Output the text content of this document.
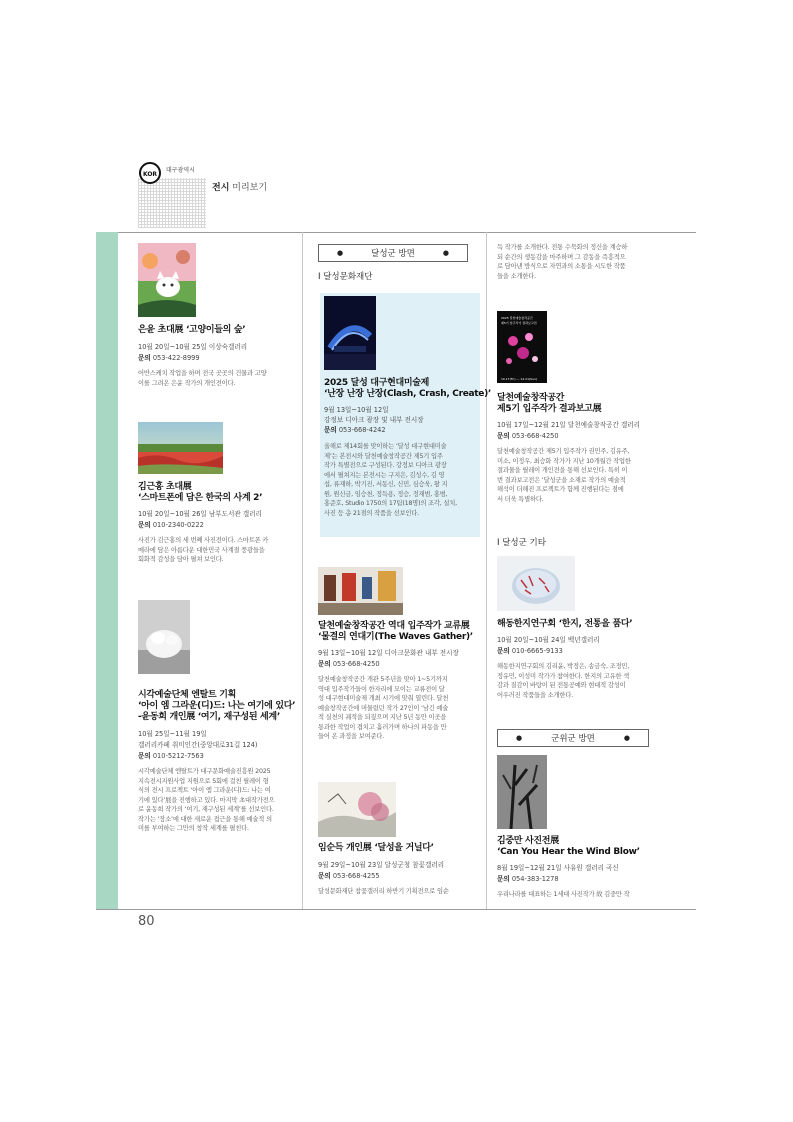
KOR
대구광역시
전시 미리보기
80
은윤 초대展 ‘고양이들의 숲’
10월 20일~10월 25일 이상숙갤러리
문의 053-422-8999
어반스케치 작업을 하며 전국 곳곳의 건물과 고양
이를 그려온 은윤 작가의 개인전이다.
김근홍 초대展
‘스마트폰에 담은 한국의 사계 2’
10월 20일~10월 26일 남부도서관 갤러리
문의 010-2340-0222
사진가 김근홍의 세 번째 사진전이다. 스마트폰 카
메라에 담은 아름다운 대한민국 사계절 풍광들을
회화적 감성을 담아 펼쳐 보인다.
시각예술단체 엔탈트 기획
‘아이 엠 그라운(디)드: 나는 여기에 있다’
-윤동희 개인展 ‘여기, 재구성된 세계’
10월 25일~11월 19일
갤러리카페 취미인간(중앙대로31길 124)
문의 010-5212-7563
시각예술단체 엔탈트가 대구문화예술진흥원 2025
지속전시지원사업 지원으로 5회에 걸친 릴레이 형
식의 전시 프로젝트 ‘아이 엠 그라운(디)드: 나는 여
기에 있다’展을 진행하고 있다. 마지막 초대작가전으
로 윤동희 작가의 ‘여기, 재구성된 세계’를 선보인다.
작가는 ‘장소’에 대한 새로운 접근을 통해 예술적 의
미를 부여하는 그만의 창작 세계를 펼친다.
●	달성군 방면	●
I 달성문화재단
2025 달성 대구현대미술제
‘난장 난장 난장(Clash, Crash, Create)’
9월 13일~10월 12일
강정보 디아크 광장 및 내부 전시장
문의 053-668-4242
올해로 제14회를 맞이하는 ‘달성 대구현대미술
제’는 본전시와 달천예술창작공간 제5기 입주
작가 특별전으로 구성된다. 강정보 디아크 광장
에서 펼쳐지는 본전시는 구지은, 김성수, 김 영
섭, 류재하, 박기진, 서동신, 신민, 심승욱, 왕 지
원, 원신금, 임승천, 정득용, 정승, 정재범, 홍범,
홍준호, Studio 1750의 17팀(18명)의 조각, 설치,
사진 등 총 21점의 작품을 선보인다.
달천예술창작공간 역대 입주작가 교류展
‘물결의 연대기(The Waves Gather)’
9월 13일~10월 12일 디아크문화관 내부 전시장
문의 053-668-4250
달천예술창작공간 개관 5주년을 맞아 1~5기까지
역대 입주작가들이 한자리에 모이는 교류전이 달
성 대구현대미술제 개최 시기에 맞춰 열린다. 달천
예술창작공간에 머물렀던 작가 27인이 ‘남긴 예술
적 실천의 궤적을 되짚으며 지난 5년 동안 이곳을
통과한 작업이 겹치고 흘러가며 하나의 파동을 만
들어 온 과정을 보여준다.
임순득 개인展 ‘달성을 거닐다’
9월 29일~10월 23일 달성군청 참꽃갤러리
문의 053-668-4255
달성문화재단 참꽃갤러리 하반기 기획전으로 임순
득 작가를 소개한다. 전통 수묵화의 정신을 계승하
되 순간의 생동감을 마주하며 그 감동을 즉흥적으
로 담아낸 방식으로 자연과의 소통을 시도한 작품
들을 소개한다.
2025 달천예술창작공간
제5기 입주작가 결과보고전
10.17(Fri) — 12.21(Sun)
달천예술창작공간
제5기 입주작가 결과보고展
10월 17일~12월 21일 달천예술창작공간 갤러리
문의 053-668-4250
달천예술창작공간 제5기 입주작가 권민주, 김유주,
미소, 이정우, 최승화 작가가 지난 10개월간 작업한
결과물을 릴레이 개인전을 통해 선보인다. 특히 이
번 결과보고전은 ‘달성군을 소재로 작가의 예술적
해석이 더해진 프로젝트가 함께 진행된다는 점에
서 더욱 특별하다.
I 달성군 기타
해동한지연구회 ‘한지, 전통을 품다’
10월 20일~10월 24일 백년갤러리
문의 010-6665-9133
해동한지연구회의 김리윤, 박정은, 송금숙, 조정민,
정유민, 이성미 작가가 참여한다. 한지의 고유한 색
감과 질감이 바탕이 된 전통공예와 현대적 감성이
어우러진 작품들을 소개한다.
●	군위군 방면	●
김중만 사진전展
‘Can You Hear the Wind Blow’
8월 19일~12월 21일 사유원 갤러리 곡신
문의 054-383-1278
우리나라를 대표하는 1세대 사진작가 故 김중만 작
